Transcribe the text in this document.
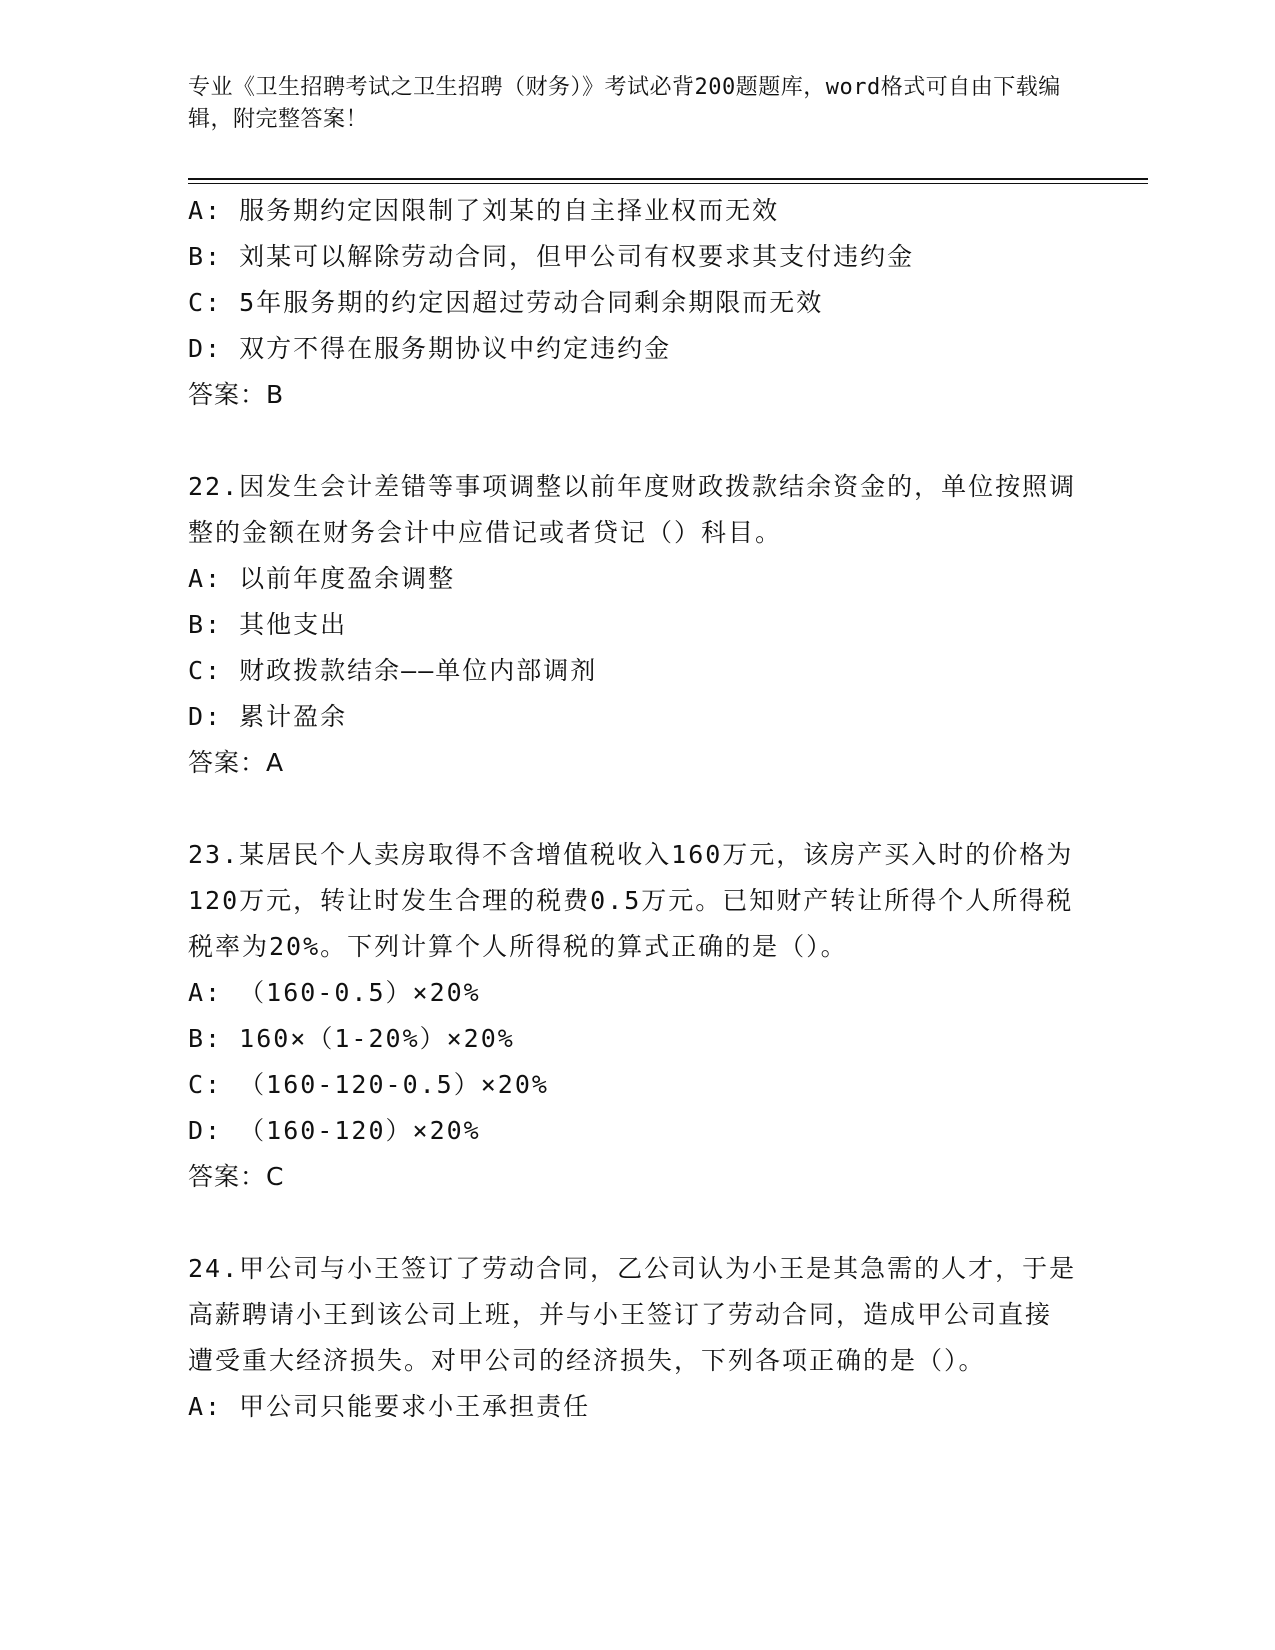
专业《卫生招聘考试之卫生招聘（财务）》考试必背200题题库，word格式可自由下载编辑，附完整答案！
A: 服务期约定因限制了刘某的自主择业权而无效
B: 刘某可以解除劳动合同，但甲公司有权要求其支付违约金
C: 5年服务期的约定因超过劳动合同剩余期限而无效
D: 双方不得在服务期协议中约定违约金
答案：B
22.因发生会计差错等事项调整以前年度财政拨款结余资金的，单位按照调整的金额在财务会计中应借记或者贷记（）科目。
A: 以前年度盈余调整
B: 其他支出
C: 财政拨款结余——单位内部调剂
D: 累计盈余
答案：A
23.某居民个人卖房取得不含增值税收入160万元，该房产买入时的价格为120万元，转让时发生合理的税费0.5万元。已知财产转让所得个人所得税税率为20%。下列计算个人所得税的算式正确的是（）。
A: （160-0.5）×20%
B: 160×（1-20%）×20%
C: （160-120-0.5）×20%
D: （160-120）×20%
答案：C
24.甲公司与小王签订了劳动合同，乙公司认为小王是其急需的人才，于是高薪聘请小王到该公司上班，并与小王签订了劳动合同，造成甲公司直接遭受重大经济损失。对甲公司的经济损失，下列各项正确的是（）。
A: 甲公司只能要求小王承担责任
